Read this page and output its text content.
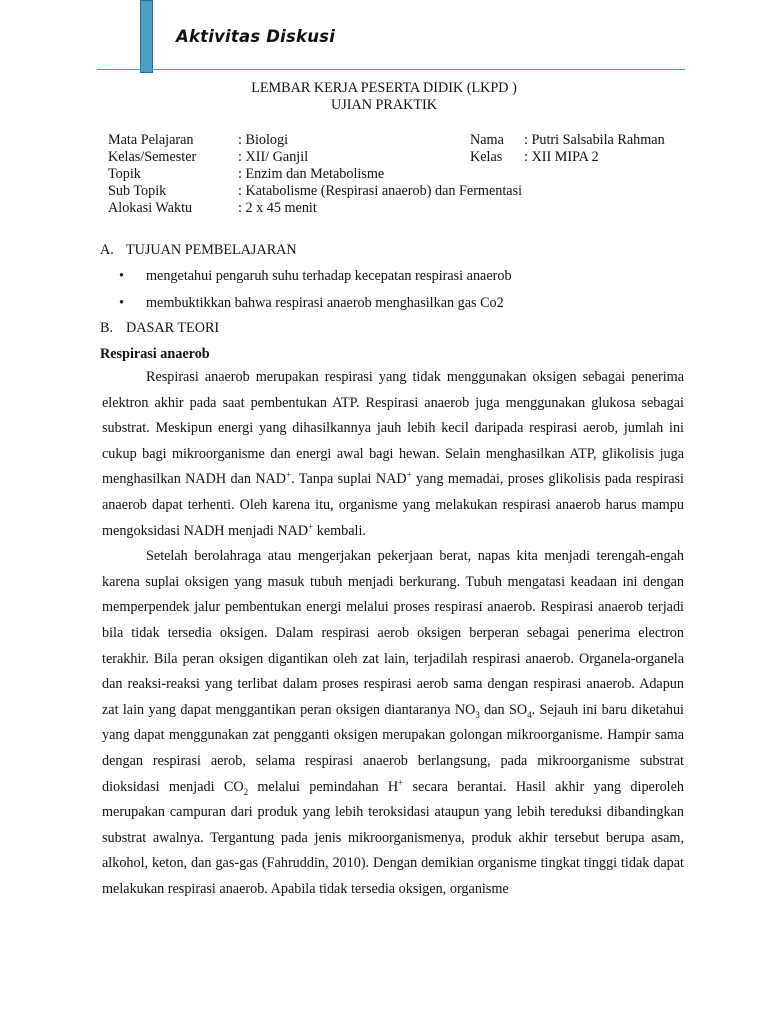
Aktivitas Diskusi
LEMBAR KERJA PESERTA DIDIK (LKPD )
UJIAN PRAKTIK
Mata Pelajaran	: Biologi	Nama : Putri Salsabila Rahman
Kelas/Semester	: XII/ Ganjil	Kelas : XII MIPA 2
Topik	: Enzim dan Metabolisme
Sub Topik	: Katabolisme (Respirasi anaerob) dan Fermentasi
Alokasi Waktu	: 2 x 45 menit
A. TUJUAN PEMBELAJARAN
• mengetahui pengaruh suhu terhadap kecepatan respirasi anaerob
• membuktikkan bahwa respirasi anaerob menghasilkan gas Co2
B. DASAR TEORI
Respirasi anaerob

Respirasi anaerob merupakan respirasi yang tidak menggunakan oksigen sebagai penerima elektron akhir pada saat pembentukan ATP. Respirasi anaerob juga menggunakan glukosa sebagai substrat. Meskipun energi yang dihasilkannya jauh lebih kecil daripada respirasi aerob, jumlah ini cukup bagi mikroorganisme dan energi awal bagi hewan. Selain menghasilkan ATP, glikolisis juga menghasilkan NADH dan NAD+. Tanpa suplai NAD+ yang memadai, proses glikolisis pada respirasi anaerob dapat terhenti. Oleh karena itu, organisme yang melakukan respirasi anaerob harus mampu mengoksidasi NADH menjadi NAD+ kembali.

Setelah berolahraga atau mengerjakan pekerjaan berat, napas kita menjadi terengah-engah karena suplai oksigen yang masuk tubuh menjadi berkurang. Tubuh mengatasi keadaan ini dengan memperpendek jalur pembentukan energi melalui proses respirasi anaerob. Respirasi anaerob terjadi bila tidak tersedia oksigen. Dalam respirasi aerob oksigen berperan sebagai penerima electron terakhir. Bila peran oksigen digantikan oleh zat lain, terjadilah respirasi anaerob. Organela-organela dan reaksi-reaksi yang terlibat dalam proses respirasi aerob sama dengan respirasi anaerob. Adapun zat lain yang dapat menggantikan peran oksigen diantaranya $NO_3$ dan $SO_4$. Sejauh ini baru diketahui yang dapat menggunakan zat pengganti oksigen merupakan golongan mikroorganisme. Hampir sama dengan respirasi aerob, selama respirasi anaerob berlangsung, pada mikroorganisme substrat dioksidasi menjadi $CO_2$ melalui pemindahan H+ secara berantai. Hasil akhir yang diperoleh merupakan campuran dari produk yang lebih teroksidasi ataupun yang lebih tereduksi dibandingkan substrat awalnya. Tergantung pada jenis mikroorganismenya, produk akhir tersebut berupa asam, alkohol, keton, dan gas-gas (Fahruddin, 2010). Dengan demikian organisme tingkat tinggi tidak dapat melakukan respirasi anaerob. Apabila tidak tersedia oksigen, organisme
